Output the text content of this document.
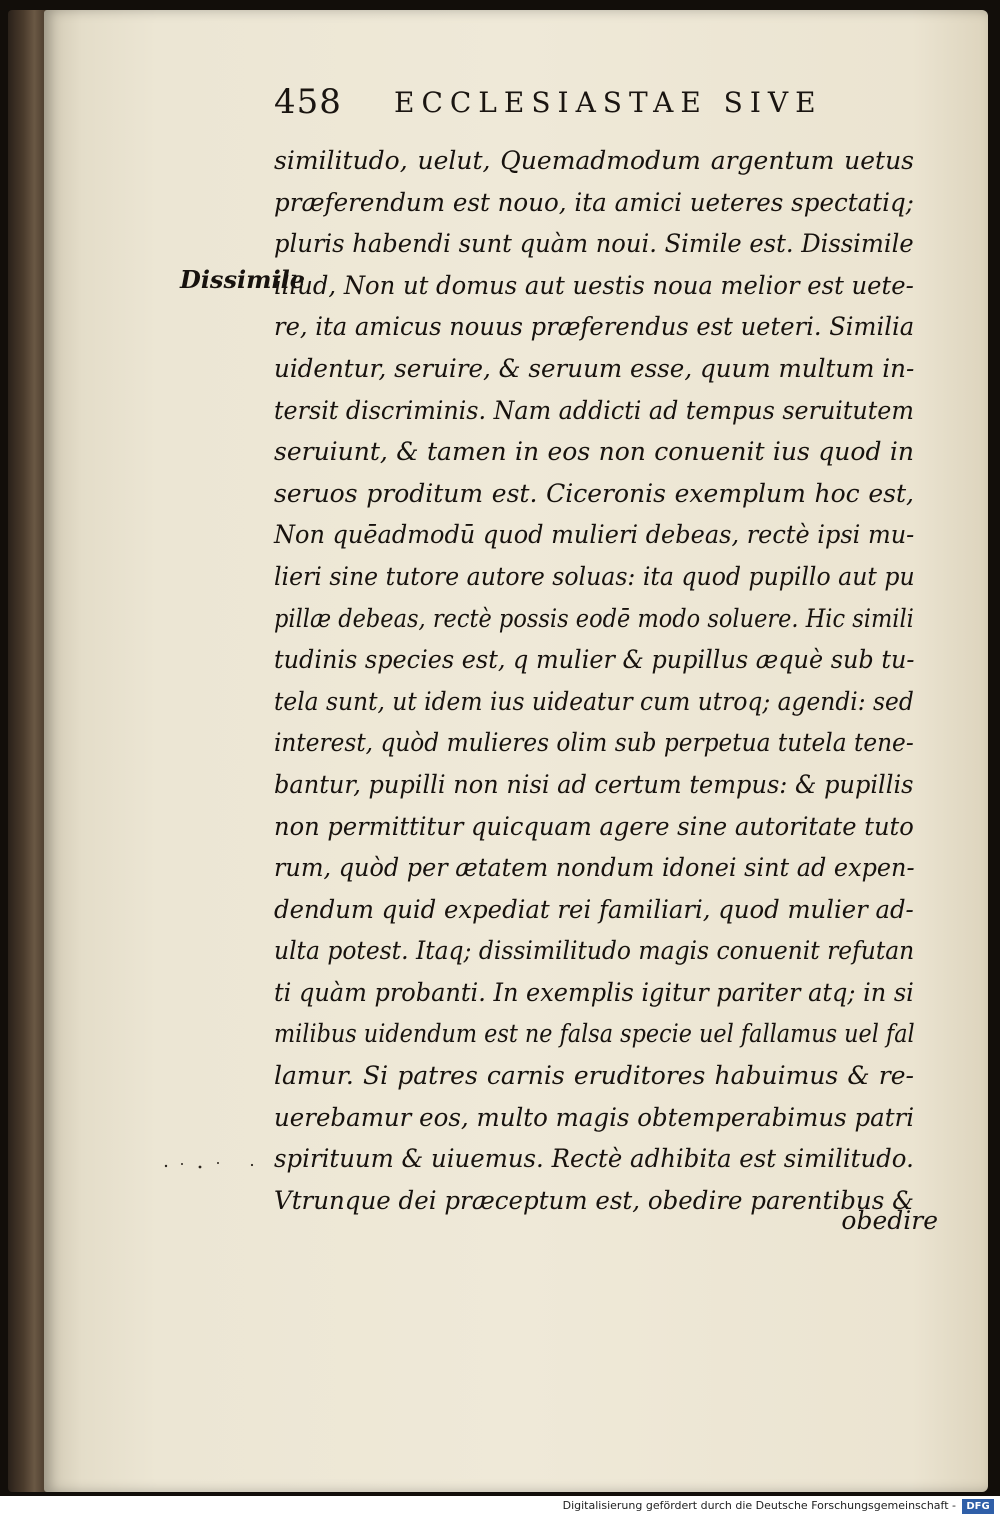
458 ECCLESIASTAE SIVE
Dissimile
similitudo, uelut, Quemadmodum argentum uetus
præferendum est nouo, ita amici ueteres spectatiq;
pluris habendi sunt quàm noui. Simile est. Dissimile
illud, Non ut domus aut uestis noua melior est uete-
re, ita amicus nouus præferendus est ueteri. Similia
uidentur, seruire, & seruum esse, quum multum in-
tersit discriminis. Nam addicti ad tempus seruitutem
seruiunt, & tamen in eos non conuenit ius quod in
seruos proditum est. Ciceronis exemplum hoc est,
Non quēadmodū quod mulieri debeas, rectè ipsi mu-
lieri sine tutore autore soluas: ita quod pupillo aut pu
pillæ debeas, rectè possis eodē modo soluere. Hic simili
tudinis species est, q mulier & pupillus æquè sub tu-
tela sunt, ut idem ius uideatur cum utroq; agendi: sed
interest, quòd mulieres olim sub perpetua tutela tene-
bantur, pupilli non nisi ad certum tempus: & pupillis
non permittitur quicquam agere sine autoritate tuto
rum, quòd per ætatem nondum idonei sint ad expen-
dendum quid expediat rei familiari, quod mulier ad-
ulta potest. Itaq; dissimilitudo magis conuenit refutan
ti quàm probanti. In exemplis igitur pariter atq; in si
milibus uidendum est ne falsa specie uel fallamus uel fal
lamur. Si patres carnis eruditores habuimus & re-
uerebamur eos, multo magis obtemperabimus patri
spirituum & uiuemus. Rectè adhibita est similitudo.
Vtrunque dei præceptum est, obedire parentibus &
obedire
Digitalisierung gefördert durch die Deutsche Forschungsgemeinschaft -	DFG
